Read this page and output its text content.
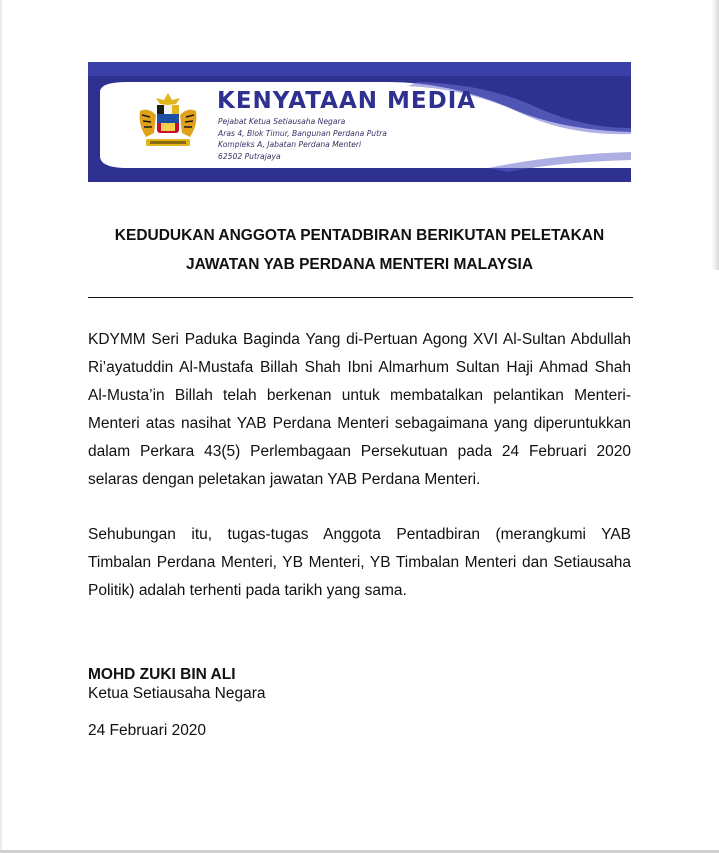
KENYATAAN MEDIA
Pejabat Ketua Setiausaha Negara
Aras 4, Blok Timur, Bangunan Perdana Putra
Kompleks A, Jabatan Perdana Menteri
62502 Putrajaya
KEDUDUKAN ANGGOTA PENTADBIRAN BERIKUTAN PELETAKAN
JAWATAN YAB PERDANA MENTERI MALAYSIA
KDYMM Seri Paduka Baginda Yang di-Pertuan Agong XVI Al-Sultan Abdullah Ri’ayatuddin Al-Mustafa Billah Shah Ibni Almarhum Sultan Haji Ahmad Shah Al-Musta’in Billah telah berkenan untuk membatalkan pelantikan Menteri-Menteri atas nasihat YAB Perdana Menteri sebagaimana yang diperuntukkan dalam Perkara 43(5) Perlembagaan Persekutuan pada 24 Februari 2020 selaras dengan peletakan jawatan YAB Perdana Menteri.
Sehubungan itu, tugas-tugas Anggota Pentadbiran (merangkumi YAB Timbalan Perdana Menteri, YB Menteri, YB Timbalan Menteri dan Setiausaha Politik) adalah terhenti pada tarikh yang sama.
MOHD ZUKI BIN ALI
Ketua Setiausaha Negara
24 Februari 2020
